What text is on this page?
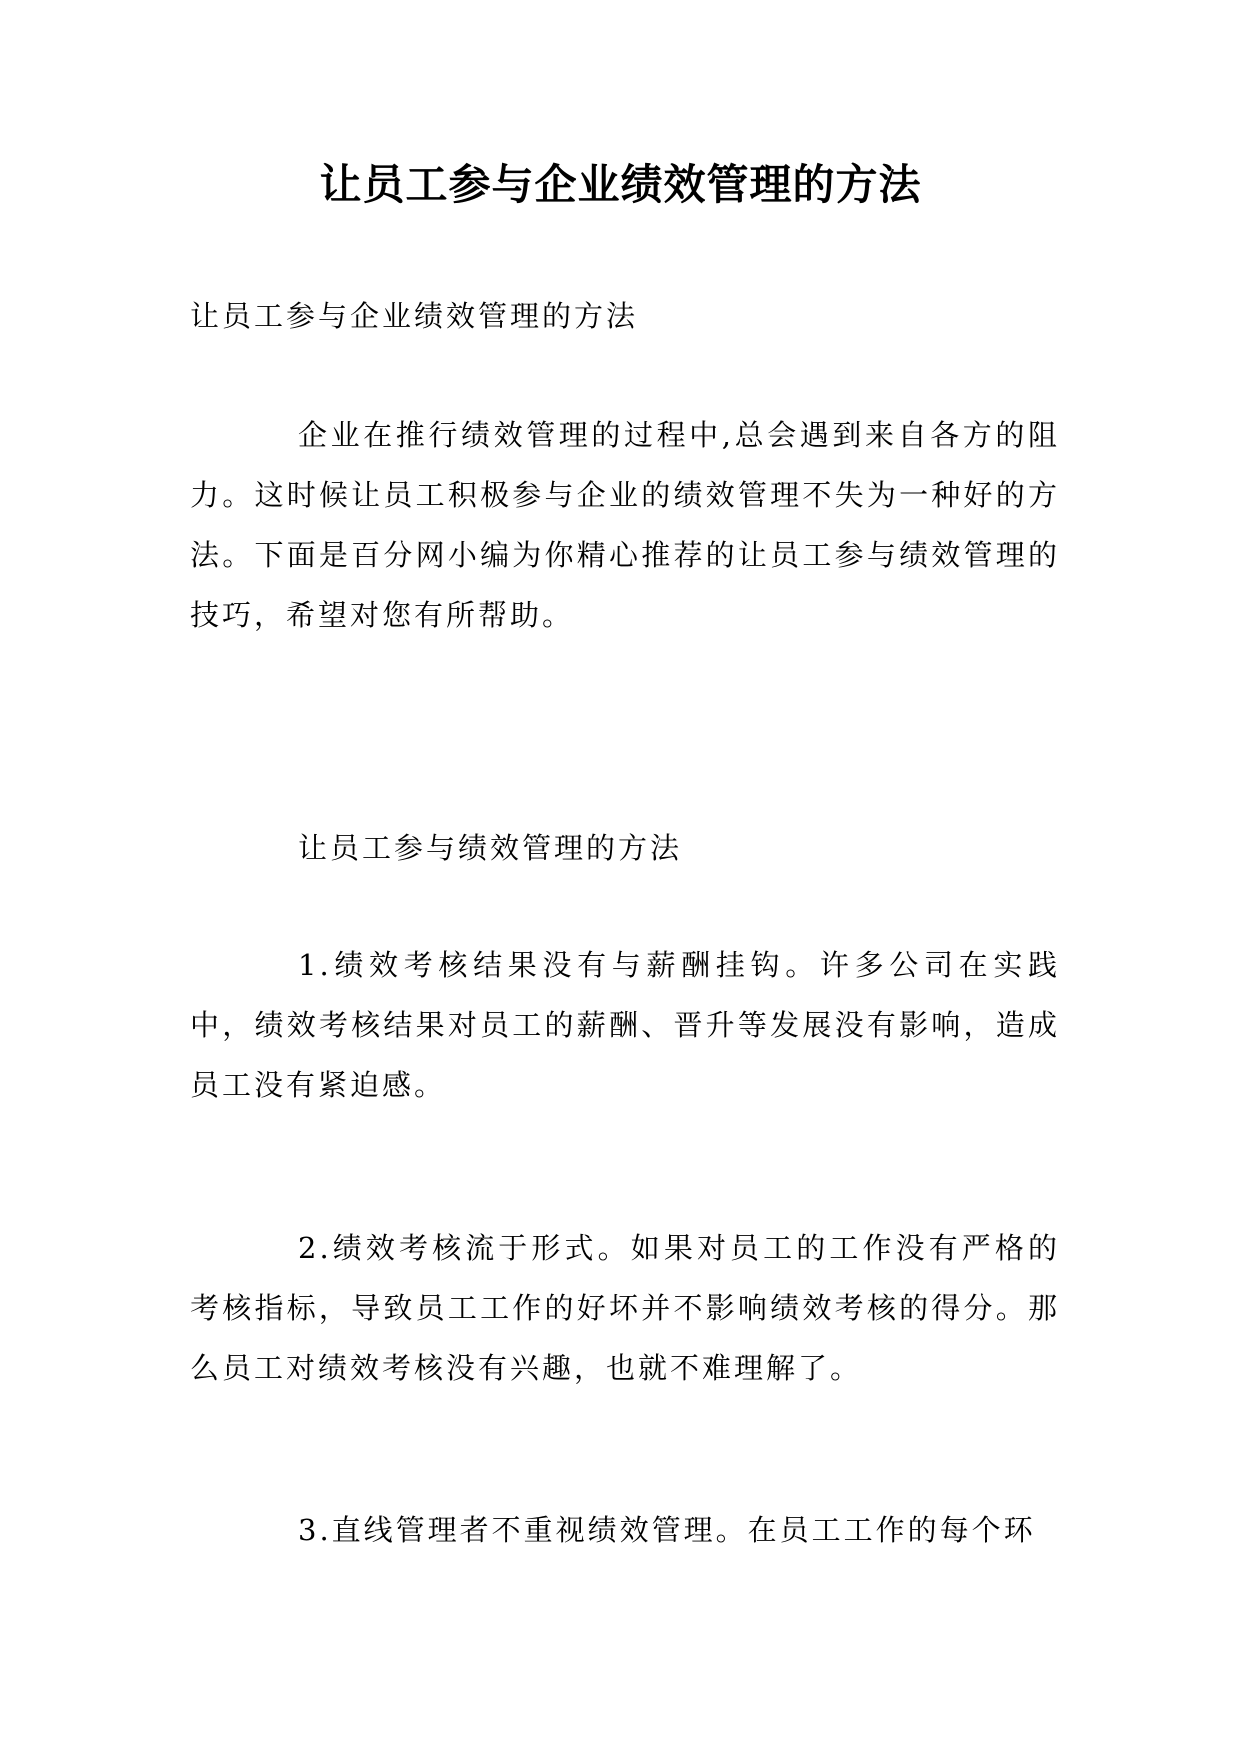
让员工参与企业绩效管理的方法

让员工参与企业绩效管理的方法

企业在推行绩效管理的过程中,总会遇到来自各方的阻力。这时候让员工积极参与企业的绩效管理不失为一种好的方法。下面是百分网小编为你精心推荐的让员工参与绩效管理的技巧，希望对您有所帮助。

让员工参与绩效管理的方法

1.绩效考核结果没有与薪酬挂钩。许多公司在实践中，绩效考核结果对员工的薪酬、晋升等发展没有影响，造成员工没有紧迫感。

2.绩效考核流于形式。如果对员工的工作没有严格的考核指标，导致员工工作的好坏并不影响绩效考核的得分。那么员工对绩效考核没有兴趣，也就不难理解了。

3.直线管理者不重视绩效管理。在员工工作的每个环
